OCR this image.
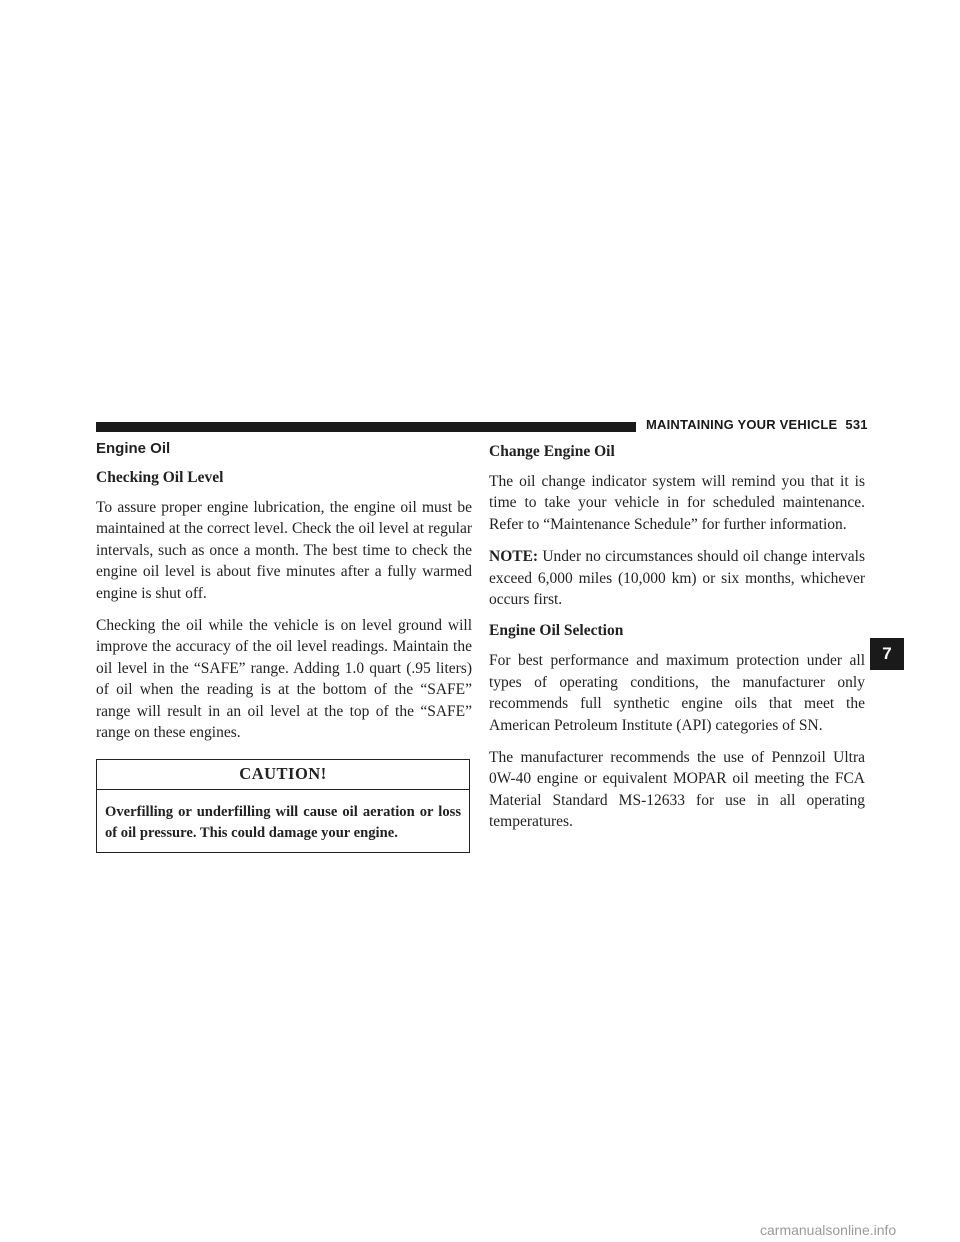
MAINTAINING YOUR VEHICLE 531
Engine Oil
Checking Oil Level

To assure proper engine lubrication, the engine oil must be maintained at the correct level. Check the oil level at regular intervals, such as once a month. The best time to check the engine oil level is about five minutes after a fully warmed engine is shut off.

Checking the oil while the vehicle is on level ground will improve the accuracy of the oil level readings. Maintain the oil level in the “SAFE” range. Adding 1.0 quart (.95 liters) of oil when the reading is at the bottom of the “SAFE” range will result in an oil level at the top of the “SAFE” range on these engines.

CAUTION!
Overfilling or underfilling will cause oil aeration or loss of oil pressure. This could damage your engine.
Change Engine Oil

The oil change indicator system will remind you that it is time to take your vehicle in for scheduled maintenance. Refer to “Maintenance Schedule” for further information.

NOTE: Under no circumstances should oil change intervals exceed 6,000 miles (10,000 km) or six months, whichever occurs first.

Engine Oil Selection

For best performance and maximum protection under all types of operating conditions, the manufacturer only recommends full synthetic engine oils that meet the American Petroleum Institute (API) categories of SN.

The manufacturer recommends the use of Pennzoil Ultra 0W-40 engine or equivalent MOPAR oil meeting the FCA Material Standard MS-12633 for use in all operating temperatures.

7
carmanualsonline.info
